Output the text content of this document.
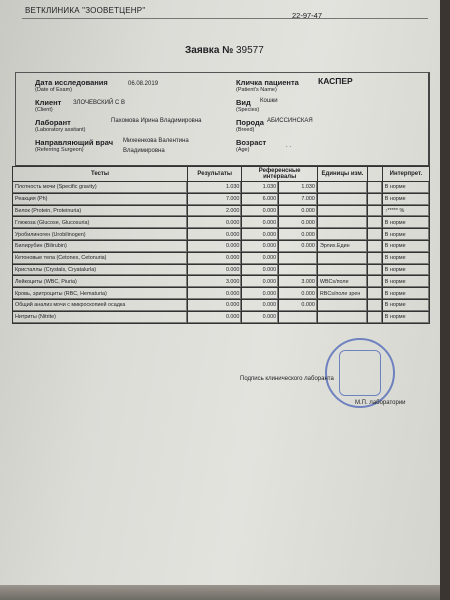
ВЕТКЛИНИКА "ЗООВЕТЦЕНР"
22-97-47
Заявка № 39577
Дата исследования
(Date of Exam)
06.08.2019	Кличка пациента
(Patient's Name)
КАСПЕР
Клиент
(Client)
ЗЛОЧЕВСКИЙ С В	Вид
(Species)
Кошки
Лаборант
(Laboratory assitant)
Пахомова Ирина Владимировна	Порода
(Breed)
АБИССИНСКАЯ
Направляющий врач
(Referring Surgeon)
Михеенкова Валентина
Владимировна
Возраст
(Age)
. .
Тесты	Результаты	Референсные интервалы		Единицы изм.		Интерпрет.
Плотность мочи (Specific gravity)	1.030	1.030	1.030			В норме
Реакция (Ph)	7.000	6.000	7.000			В норме
Белок (Protein, Proteinuria)	2.000	0.000	0.000			↑***** %
Глюкоза (Glucose, Glucosuria)	0.000	0.000	0.000			В норме
Уробилиноген (Urobilinogen)	0.000	0.000	0.000			В норме
Билирубин (Bilirubin)	0.000	0.000	0.000	Эрлих.Един		В норме
Кетоновые тела (Cetones, Cetonuria)	0.000	0.000				В норме
Кристаллы (Crystals, Cryatalurla)	0.000	0.000				В норме
Лейкоциты (WBC, Piuria)	3.000	0.000	3.000	WBCs/поле		В норме
Кровь, эритроциты (RBC, Hematuria)	0.000	0.000	0.000	RBCs/поле зрен		В норме
Общий анализ мочи с микроскопией осадка	0.000	0.000	0.000			В норме
Нитриты (Nitrite)	0.000	0.000				В норме
Подпись клинического лаборанта
М.П. лаборатории
